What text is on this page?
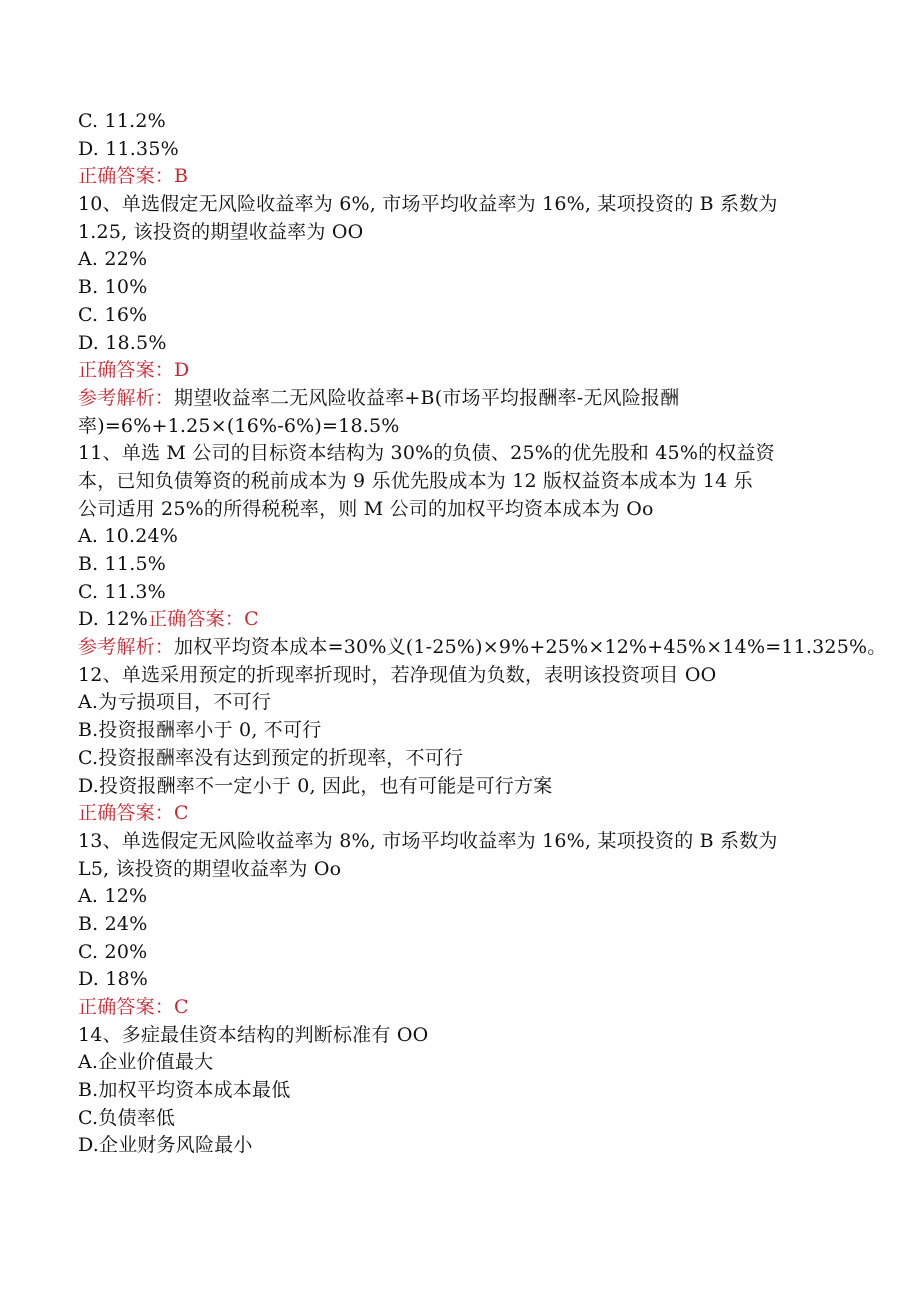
C. 11.2%
D. 11.35%
正确答案：B
10、单选假定无风险收益率为 6%, 市场平均收益率为 16%, 某项投资的 B 系数为
1.25, 该投资的期望收益率为 OO
A. 22%
B. 10%
C. 16%
D. 18.5%
正确答案：D
参考解析：期望收益率二无风险收益率+B(市场平均报酬率-无风险报酬
率)=6%+1.25×(16%-6%)=18.5%
11、单选 M 公司的目标资本结构为 30%的负债、25%的优先股和 45%的权益资
本，已知负债筹资的税前成本为 9 乐优先股成本为 12 版权益资本成本为 14 乐
公司适用 25%的所得税税率，则 M 公司的加权平均资本成本为 Oo
A. 10.24%
B. 11.5%
C. 11.3%
D. 12%正确答案：C
参考解析：加权平均资本成本=30%义(1-25%)×9%+25%×12%+45%×14%=11.325%。
12、单选采用预定的折现率折现时，若净现值为负数，表明该投资项目 OO
A.为亏损项目，不可行
B.投资报酬率小于 0, 不可行
C.投资报酬率没有达到预定的折现率，不可行
D.投资报酬率不一定小于 0, 因此，也有可能是可行方案
正确答案：C
13、单选假定无风险收益率为 8%, 市场平均收益率为 16%, 某项投资的 B 系数为
L5, 该投资的期望收益率为 Oo
A. 12%
B. 24%
C. 20%
D. 18%
正确答案：C
14、多症最佳资本结构的判断标准有 OO
A.企业价值最大
B.加权平均资本成本最低
C.负债率低
D.企业财务风险最小
